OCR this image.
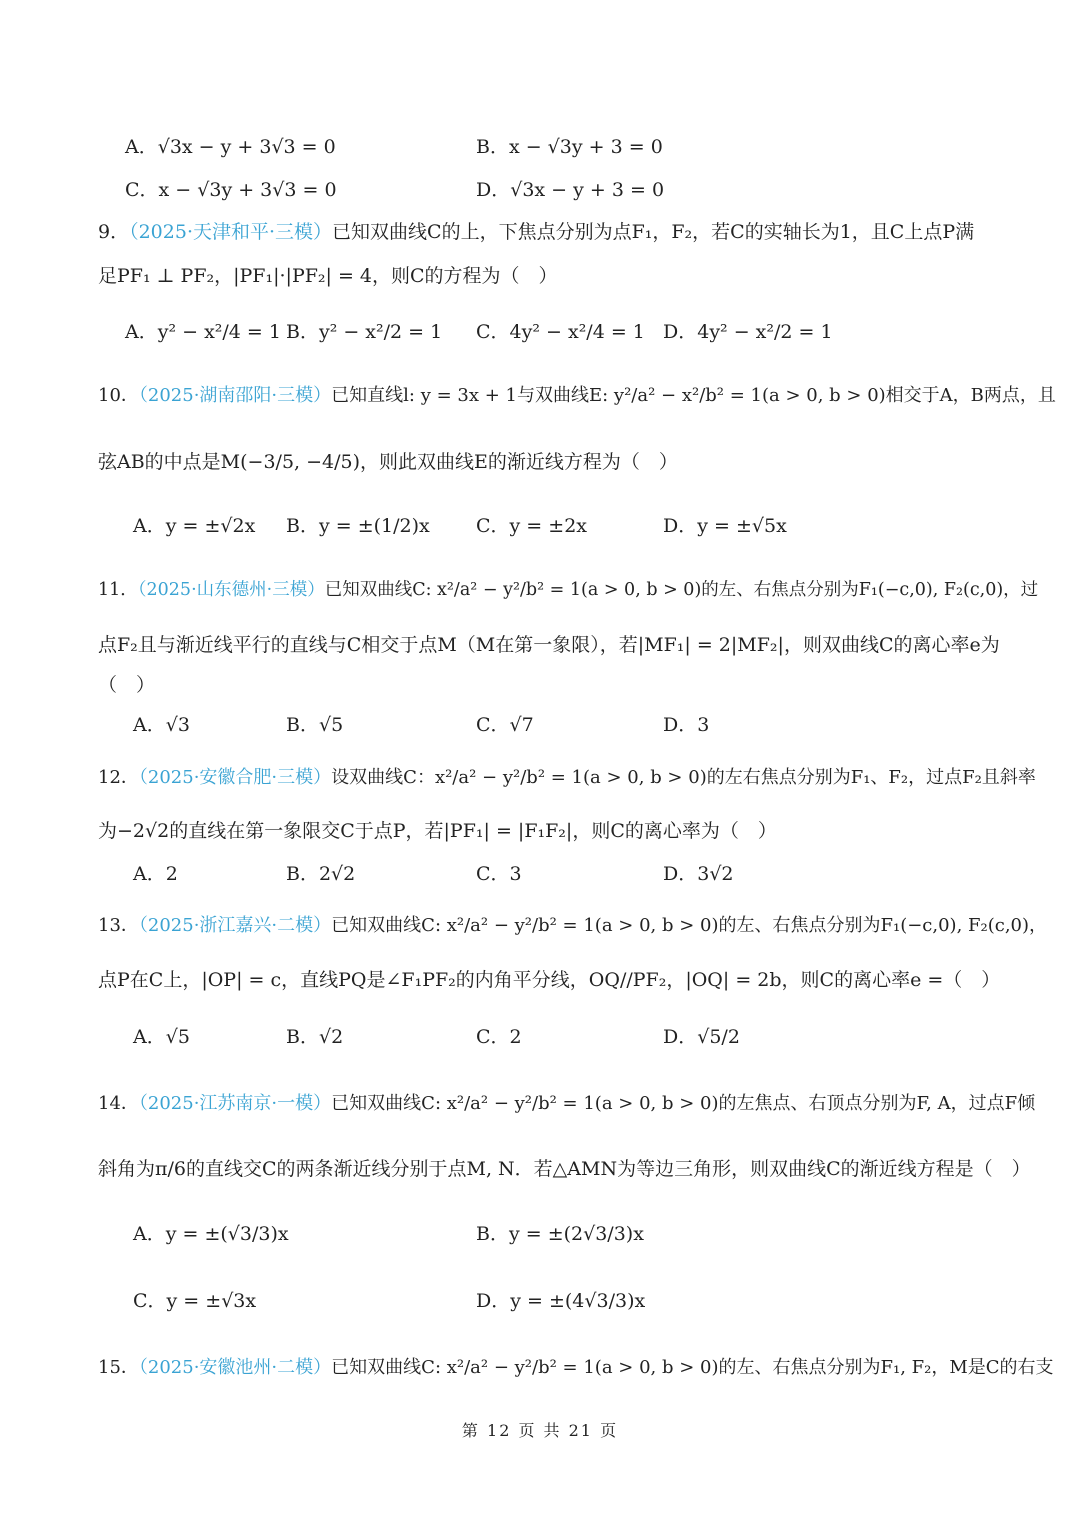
A．√3x − y + 3√3 = 0	B．x − √3y + 3 = 0
C．x − √3y + 3√3 = 0	D．√3x − y + 3 = 0
9．（2025·天津和平·三模）已知双曲线C的上，下焦点分别为点F₁，F₂，若C的实轴长为1，且C上点P满
足PF₁ ⊥ PF₂，|PF₁|·|PF₂| = 4，则C的方程为（　）
A．y² − x²/4 = 1 B．y² − x²/2 = 1 C．4y² − x²/4 = 1 D．4y² − x²/2 = 1
10．（2025·湖南邵阳·三模）已知直线l: y = 3x + 1与双曲线E: y²/a² − x²/b² = 1(a > 0, b > 0)相交于A，B两点，且
弦AB的中点是M(−3/5, −4/5)，则此双曲线E的渐近线方程为（　）
A．y = ±√2x B．y = ±(1/2)x C．y = ±2x	D．y = ±√5x
11．（2025·山东德州·三模）已知双曲线C: x²/a² − y²/b² = 1(a > 0, b > 0)的左、右焦点分别为F₁(−c,0), F₂(c,0)，过
点F₂且与渐近线平行的直线与C相交于点M（M在第一象限），若|MF₁| = 2|MF₂|，则双曲线C的离心率e为
（　）
A．√3	B．√5	C．√7	D．3
12．（2025·安徽合肥·三模）设双曲线C：x²/a² − y²/b² = 1(a > 0, b > 0)的左右焦点分别为F₁、F₂，过点F₂且斜率
为−2√2的直线在第一象限交C于点P，若|PF₁| = |F₁F₂|，则C的离心率为（　）
A．2	B．2√2	C．3	D．3√2
13．（2025·浙江嘉兴·二模）已知双曲线C: x²/a² − y²/b² = 1(a > 0, b > 0)的左、右焦点分别为F₁(−c,0), F₂(c,0)，
点P在C上，|OP| = c，直线PQ是∠F₁PF₂的内角平分线，OQ//PF₂，|OQ| = 2b，则C的离心率e =（　）
A．√5	B．√2	C．2	D．√5/2
14．（2025·江苏南京·一模）已知双曲线C: x²/a² − y²/b² = 1(a > 0, b > 0)的左焦点、右顶点分别为F, A，过点F倾
斜角为π/6的直线交C的两条渐近线分别于点M, N．若△AMN为等边三角形，则双曲线C的渐近线方程是（　）
A．y = ±(√3/3)x	B．y = ±(2√3/3)x
C．y = ±√3x	D．y = ±(4√3/3)x
15．（2025·安徽池州·二模）已知双曲线C: x²/a² − y²/b² = 1(a > 0, b > 0)的左、右焦点分别为F₁, F₂，M是C的右支
第 12 页 共 21 页
